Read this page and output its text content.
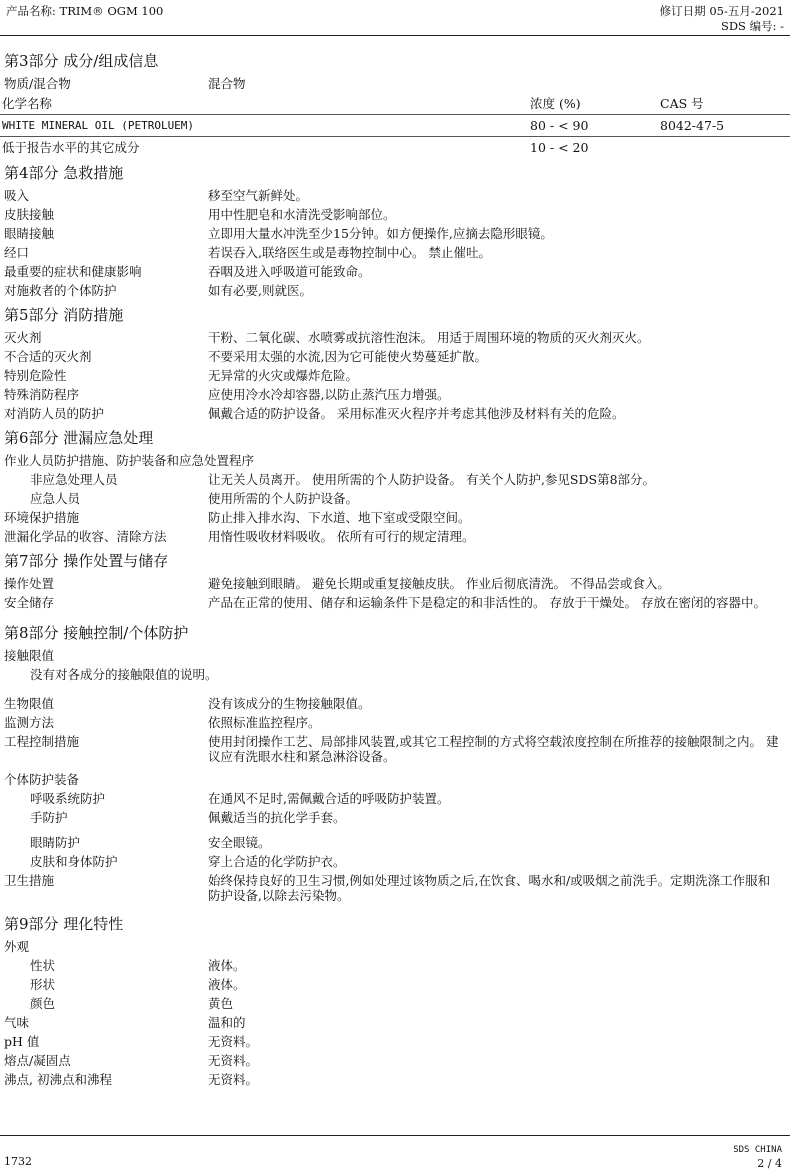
产品名称: TRIM® OGM 100	修订日期 05-五月-2021
SDS 编号: -
第3部分 成分/组成信息
物质/混合物	混合物
化学名称	浓度 (%)	CAS 号
WHITE MINERAL OIL (PETROLUEM)	80 - < 90	8042-47-5
低于报告水平的其它成分	10 - < 20
第4部分 急救措施
吸入	移至空气新鲜处。
皮肤接触	用中性肥皂和水清洗受影响部位。
眼睛接触	立即用大量水冲洗至少15分钟。如方便操作,应摘去隐形眼镜。
经口	若误吞入,联络医生或是毒物控制中心。 禁止催吐。
最重要的症状和健康影响	吞咽及进入呼吸道可能致命。
对施救者的个体防护	如有必要,则就医。
第5部分 消防措施
灭火剂	干粉、二氧化碳、水喷雾或抗溶性泡沫。 用适于周围环境的物质的灭火剂灭火。
不合适的灭火剂	不要采用太强的水流,因为它可能使火势蔓延扩散。
特别危险性	无异常的火灾或爆炸危险。
特殊消防程序	应使用冷水冷却容器,以防止蒸汽压力增强。
对消防人员的防护	佩戴合适的防护设备。 采用标准灭火程序并考虑其他涉及材料有关的危险。
第6部分 泄漏应急处理
作业人员防护措施、防护装备和应急处置程序
非应急处理人员	让无关人员离开。 使用所需的个人防护设备。 有关个人防护,参见SDS第8部分。
应急人员	使用所需的个人防护设备。
环境保护措施	防止排入排水沟、下水道、地下室或受限空间。
泄漏化学品的收容、清除方法	用惰性吸收材料吸收。 依所有可行的规定清理。
第7部分 操作处置与储存
操作处置	避免接触到眼睛。 避免长期或重复接触皮肤。 作业后彻底清洗。 不得品尝或食入。
安全储存	产品在正常的使用、储存和运输条件下是稳定的和非活性的。 存放于干燥处。 存放在密闭的容器中。
第8部分 接触控制/个体防护
接触限值
没有对各成分的接触限值的说明。
生物限值	没有该成分的生物接触限值。
监测方法	依照标准监控程序。
工程控制措施	使用封闭操作工艺、局部排风装置,或其它工程控制的方式将空载浓度控制在所推荐的接触限制之内。 建议应有洗眼水柱和紧急淋浴设备。
个体防护装备
呼吸系统防护	在通风不足时,需佩戴合适的呼吸防护装置。
手防护	佩戴适当的抗化学手套。
眼睛防护	安全眼镜。
皮肤和身体防护	穿上合适的化学防护衣。
卫生措施	始终保持良好的卫生习惯,例如处理过该物质之后,在饮食、喝水和/或吸烟之前洗手。定期洗涤工作服和防护设备,以除去污染物。
第9部分 理化特性
外观
性状	液体。
形状	液体。
颜色	黄色
气味	温和的
pH 值	无资料。
熔点/凝固点	无资料。
沸点, 初沸点和沸程	无资料。
SDS CHINA
2 / 4
1732
